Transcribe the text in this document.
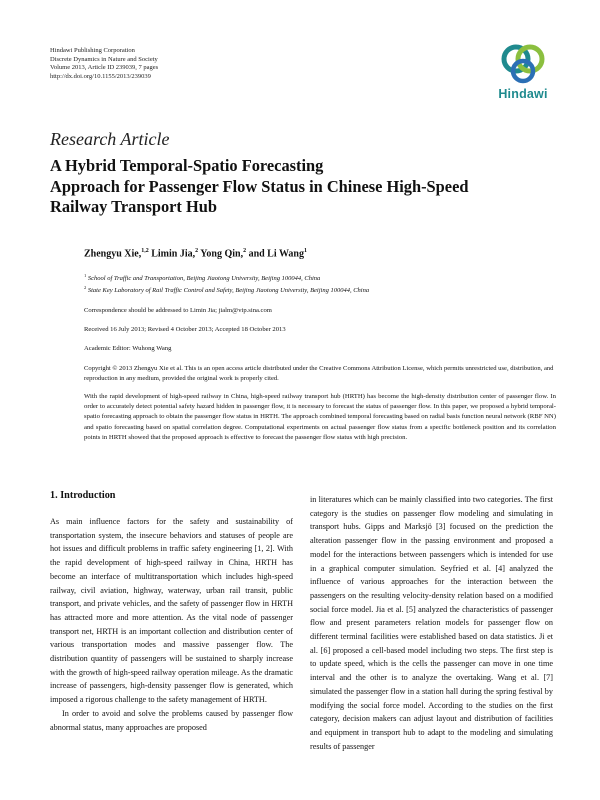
Hindawi Publishing Corporation
Discrete Dynamics in Nature and Society
Volume 2013, Article ID 239039, 7 pages
http://dx.doi.org/10.1155/2013/239039
Hindawi
Research Article
A Hybrid Temporal-Spatio Forecasting
Approach for Passenger Flow Status in Chinese High-Speed
Railway Transport Hub
Zhengyu Xie,$^{1,2}$ Limin Jia,$^2$ Yong Qin,$^2$ and Li Wang$^1$
$^1$ School of Traffic and Transportation, Beijing Jiaotong University, Beijing 100044, China
$^2$ State Key Laboratory of Rail Traffic Control and Safety, Beijing Jiaotong University, Beijing 100044, China
Correspondence should be addressed to Limin Jia; jialm@vip.sina.com
Received 16 July 2013; Revised 4 October 2013; Accepted 18 October 2013
Academic Editor: Wuhong Wang
Copyright © 2013 Zhengyu Xie et al. This is an open access article distributed under the Creative Commons Attribution License, which permits unrestricted use, distribution, and reproduction in any medium, provided the original work is properly cited.
With the rapid development of high-speed railway in China, high-speed railway transport hub (HRTH) has become the high-density distribution center of passenger flow. In order to accurately detect potential safety hazard hidden in passenger flow, it is necessary to forecast the status of passenger flow. In this paper, we proposed a hybrid temporal-spatio forecasting approach to obtain the passenger flow status in HRTH. The approach combined temporal forecasting based on radial basis function neural network (RBF NN) and spatio forecasting based on spatial correlation degree. Computational experiments on actual passenger flow status from a specific bottleneck position and its correlation points in HRTH showed that the proposed approach is effective to forecast the passenger flow status with high precision.
1. Introduction

As main influence factors for the safety and sustainability of transportation system, the insecure behaviors and statuses of people are hot issues and difficult problems in traffic safety engineering [1, 2]. With the rapid development of high-speed railway in China, HRTH has become an interface of multitransportation which includes high-speed railway, civil aviation, highway, waterway, urban rail transit, public transport, and private vehicles, and the safety of passenger flow in HRTH has attracted more and more attention. As the vital node of passenger transport net, HRTH is an important collection and distribution center of various transportation modes and massive passenger flow. The distribution quantity of passengers will be sustained to sharply increase with the growth of high-speed railway operation mileage. As the dramatic increase of passengers, high-density passenger flow is generated, which imposed a rigorous challenge to the safety management of HRTH.

In order to avoid and solve the problems caused by passenger flow abnormal status, many approaches are proposed

in literatures which can be mainly classified into two categories. The first category is the studies on passenger flow modeling and simulating in transport hubs. Gipps and Marksjö [3] focused on the prediction the alteration passenger flow in the passing environment and proposed a model for the interactions between passengers which is intended for use in a graphical computer simulation. Seyfried et al. [4] analyzed the influence of various approaches for the interaction between the passengers on the resulting velocity-density relation based on a modified social force model. Jia et al. [5] analyzed the characteristics of passenger flow and present parameters relation models for passenger flow on different terminal facilities were established based on data statistics. Ji et al. [6] proposed a cell-based model including two steps. The first step is to update speed, which is the cells the passenger can move in one time interval and the other is to analyze the overtaking. Wang et al. [7] simulated the passenger flow in a station hall during the spring festival by modifying the social force model. According to the studies on the first category, decision makers can adjust layout and distribution of facilities and equipment in transport hub to adapt to the modeling and simulating results of passenger
